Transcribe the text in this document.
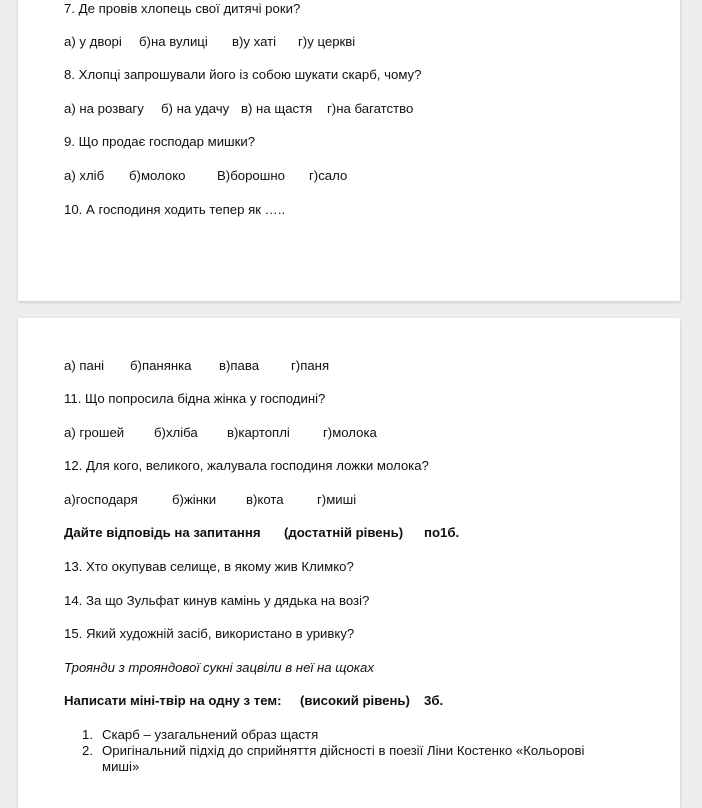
7. Де провів хлопець свої дитячі роки?
а) у дворі б)на вулиці в)у хаті г)у церкві
8. Хлопці запрошували його із собою шукати скарб, чому?
а) на розвагу б) на удачу в) на щастя г)на багатство
9. Що продає господар мишки?
а) хліб б)молоко В)борошно г)сало
10. А господиня ходить тепер як …..
а) пані б)панянка в)пава г)паня
11. Що попросила бідна жінка у господині?
а) грошей б)хліба в)картоплі	г)молока
12. Для кого, великого, жалувала господиня ложки молока?
а)господаря	б)жінки в)кота	г)миші
Дайте відповідь на запитання (достатній рівень) по1б.
13. Хто окупував селище, в якому жив Климко?
14. За що Зульфат кинув камінь у дядька на возі?
15. Який художній засіб, використано в уривку?
Троянди з трояндової сукні зацвіли в неї на щоках
Написати міні-твір на одну з тем: (високий рівень) 3б.
1. Скарб – узагальнений образ щастя
2. Оригінальний підхід до сприйняття дійсності в поезії Ліни Костенко «Кольорові
миші»
